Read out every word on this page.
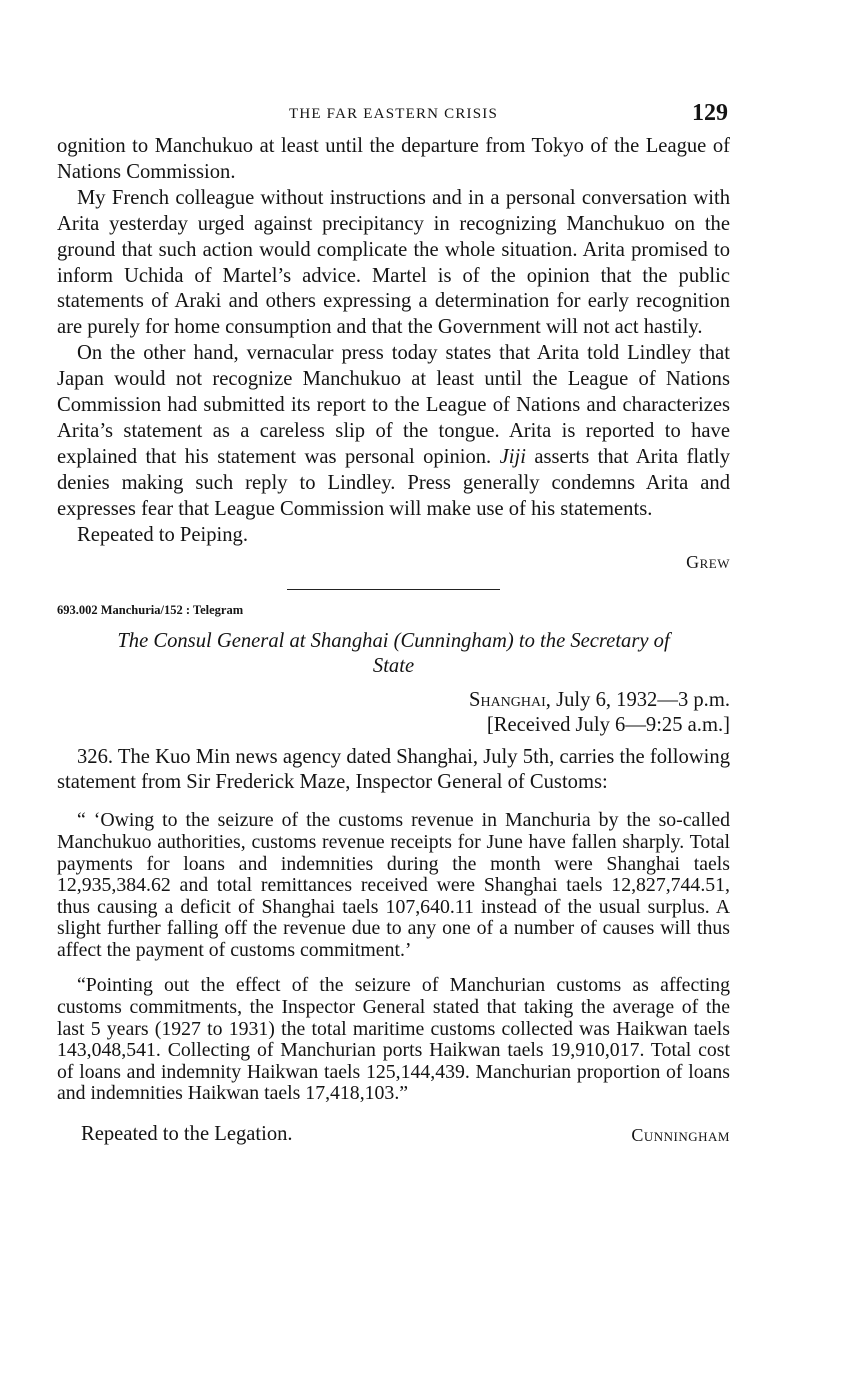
THE FAR EASTERN CRISIS	129

ognition to Manchukuo at least until the departure from Tokyo of the League of Nations Commission.

My French colleague without instructions and in a personal conversation with Arita yesterday urged against precipitancy in recognizing Manchukuo on the ground that such action would complicate the whole situation. Arita promised to inform Uchida of Martel’s advice. Martel is of the opinion that the public statements of Araki and others expressing a determination for early recognition are purely for home consumption and that the Government will not act hastily.

On the other hand, vernacular press today states that Arita told Lindley that Japan would not recognize Manchukuo at least until the League of Nations Commission had submitted its report to the League of Nations and characterizes Arita’s statement as a careless slip of the tongue. Arita is reported to have explained that his statement was personal opinion. Jiji asserts that Arita flatly denies making such reply to Lindley. Press generally condemns Arita and expresses fear that League Commission will make use of his statements.

Repeated to Peiping.

Grew
693.002 Manchuria/152 : Telegram
The Consul General at Shanghai (Cunningham) to the Secretary of State
Shanghai, July 6, 1932—3 p.m.
[Received July 6—9:25 a.m.]

326. The Kuo Min news agency dated Shanghai, July 5th, carries the following statement from Sir Frederick Maze, Inspector General of Customs:

“ ‘Owing to the seizure of the customs revenue in Manchuria by the so-called Manchukuo authorities, customs revenue receipts for June have fallen sharply. Total payments for loans and indemnities during the month were Shanghai taels 12,935,384.62 and total remittances received were Shanghai taels 12,827,744.51, thus causing a deficit of Shanghai taels 107,640.11 instead of the usual surplus. A slight further falling off the revenue due to any one of a number of causes will thus affect the payment of customs commitment.’

“Pointing out the effect of the seizure of Manchurian customs as affecting customs commitments, the Inspector General stated that taking the average of the last 5 years (1927 to 1931) the total maritime customs collected was Haikwan taels 143,048,541. Collecting of Manchurian ports Haikwan taels 19,910,017. Total cost of loans and indemnity Haikwan taels 125,144,439. Manchurian proportion of loans and indemnities Haikwan taels 17,418,103.”

Repeated to the Legation.	Cunningham
